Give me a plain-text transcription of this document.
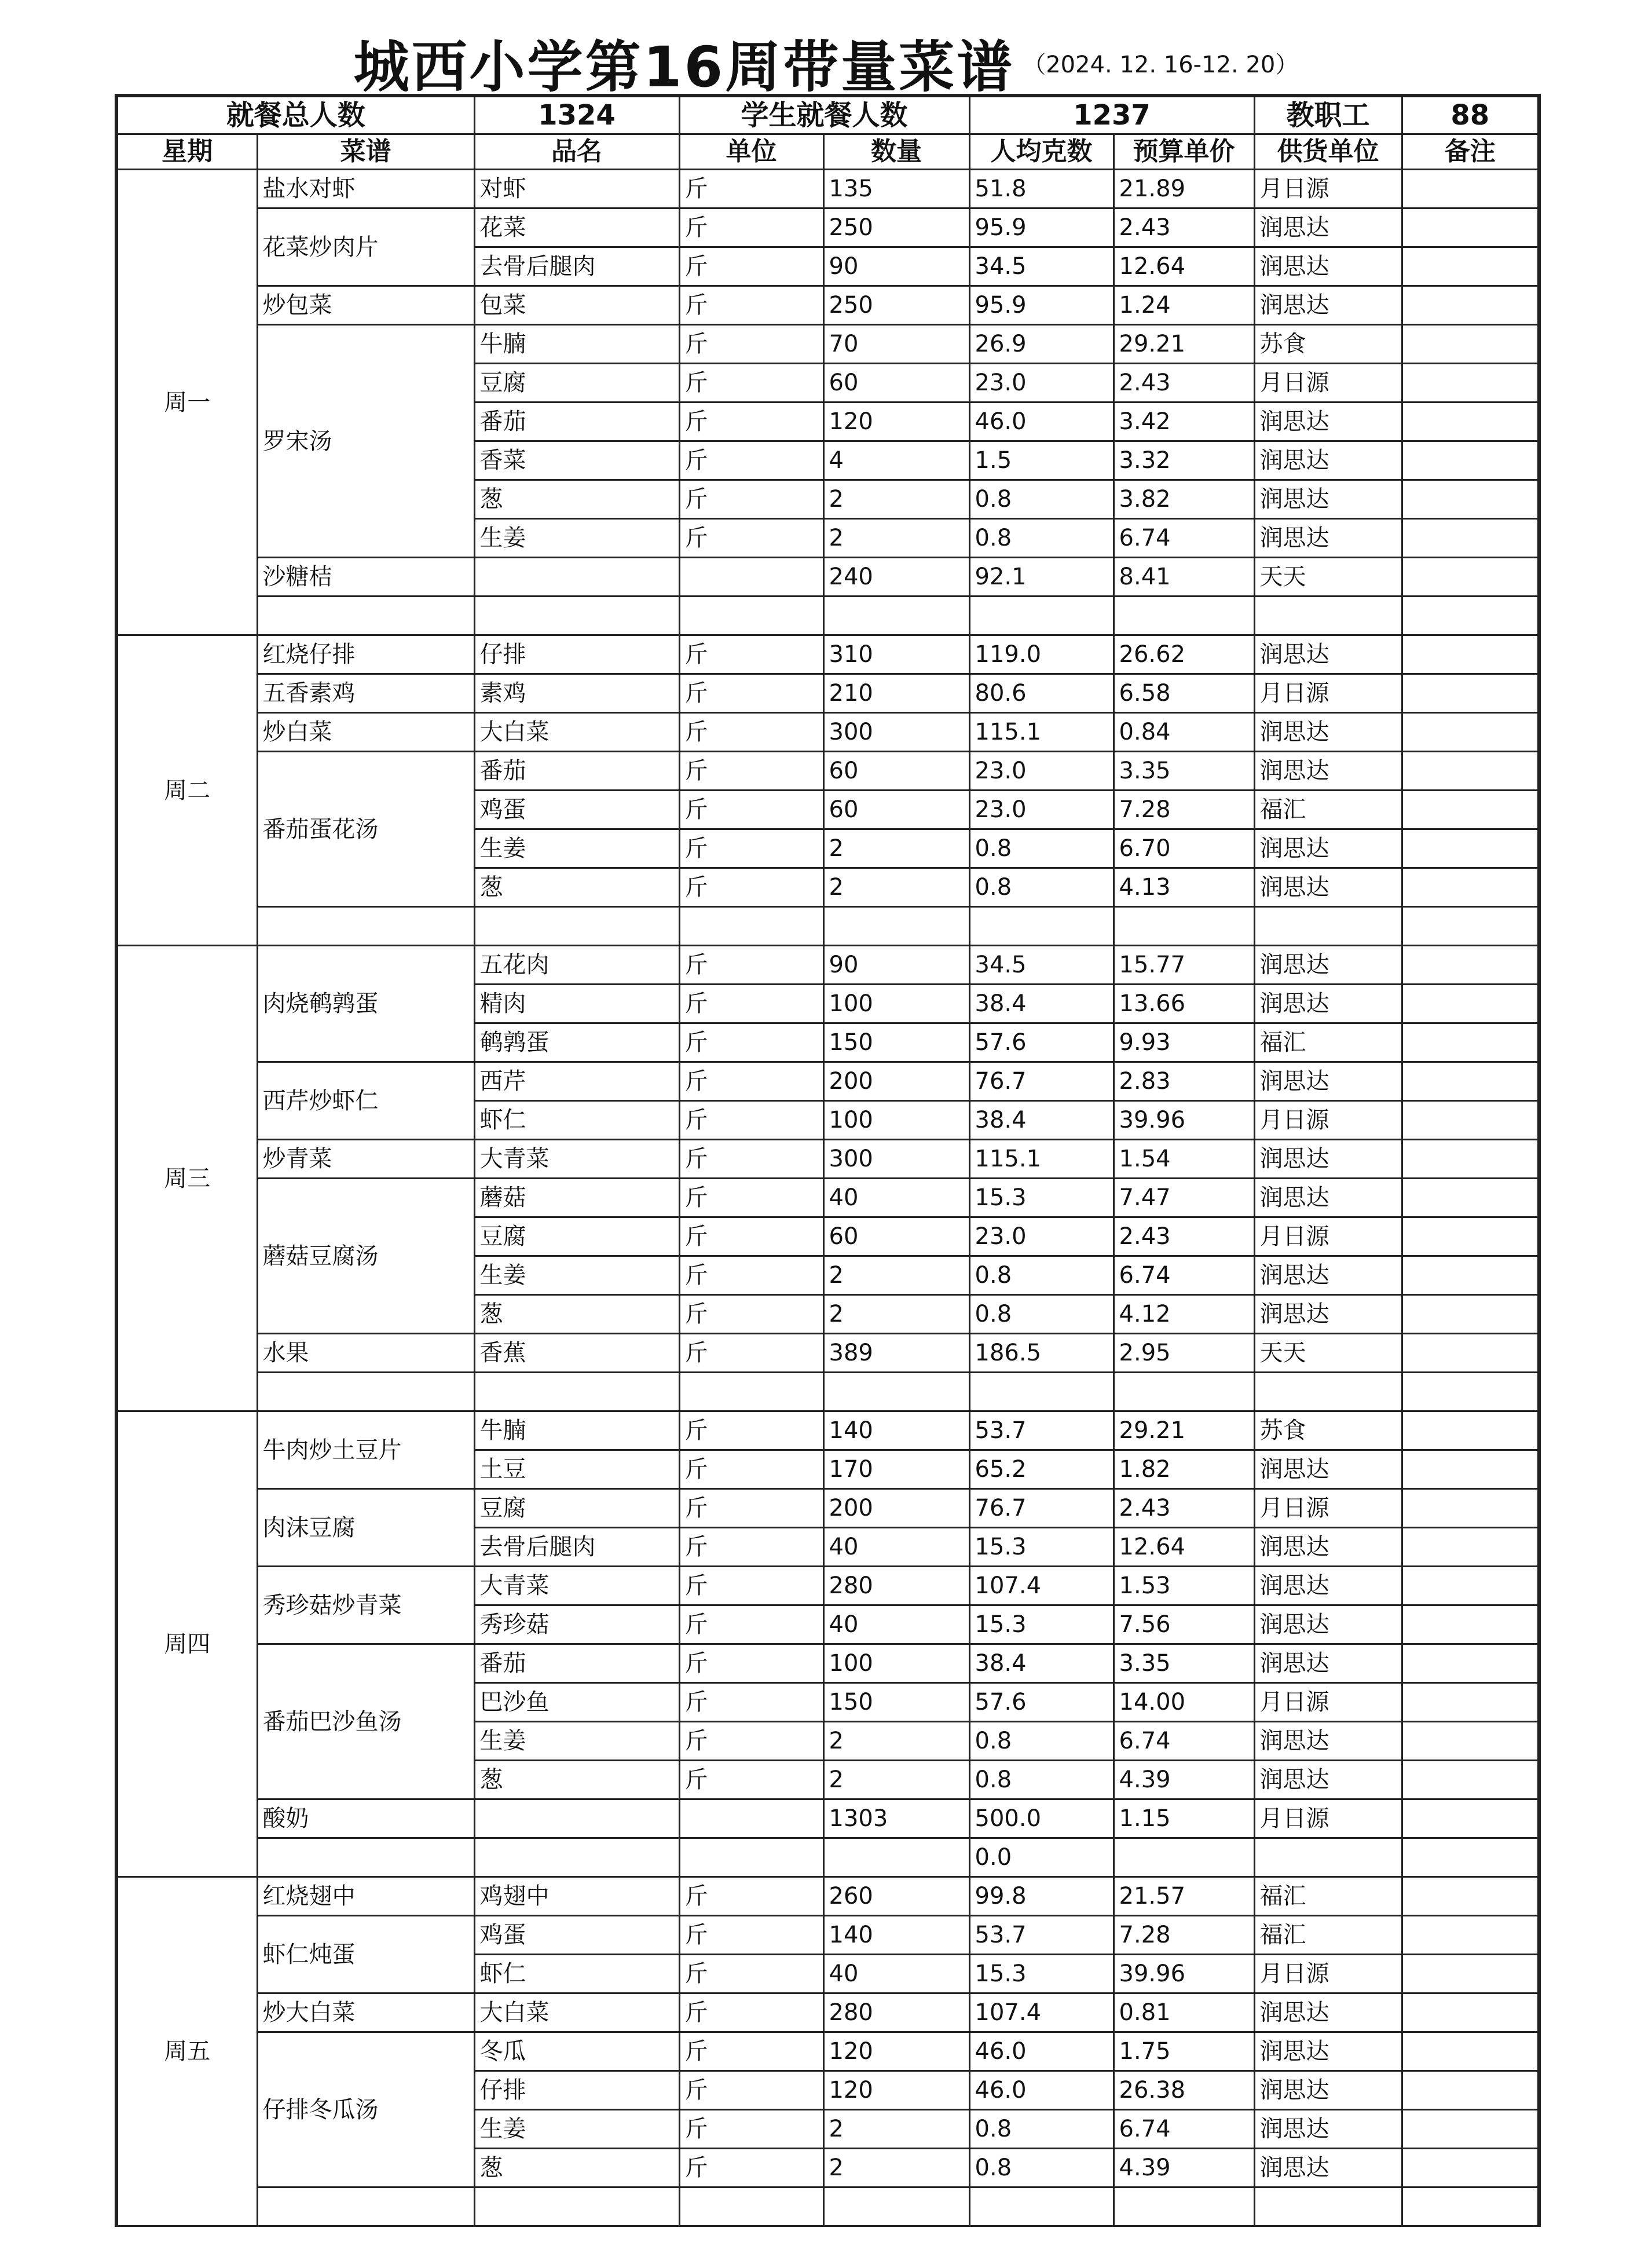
城西小学第16周带量菜谱 （2024. 12. 16-12. 20）
就餐总人数		1324	学生就餐人数		1237		教职工	88
星期	菜谱	品名	单位	数量	人均克数	预算单价	供货单位	备注
周一	盐水对虾	对虾	斤	135	51.8	21.89	月日源	
	花菜炒肉片	花菜	斤	250	95.9	2.43	润思达	
		去骨后腿肉	斤	90	34.5	12.64	润思达	
	炒包菜	包菜	斤	250	95.9	1.24	润思达	
	罗宋汤	牛腩	斤	70	26.9	29.21	苏食	
		豆腐	斤	60	23.0	2.43	月日源	
		番茄	斤	120	46.0	3.42	润思达	
		香菜	斤	4	1.5	3.32	润思达	
		葱	斤	2	0.8	3.82	润思达	
		生姜	斤	2	0.8	6.74	润思达	
	沙糖桔			240	92.1	8.41	天天	

周二	红烧仔排	仔排	斤	310	119.0	26.62	润思达	
	五香素鸡	素鸡	斤	210	80.6	6.58	月日源	
	炒白菜	大白菜	斤	300	115.1	0.84	润思达	
	番茄蛋花汤	番茄	斤	60	23.0	3.35	润思达	
		鸡蛋	斤	60	23.0	7.28	福汇	
		生姜	斤	2	0.8	6.70	润思达	
		葱	斤	2	0.8	4.13	润思达	

周三	肉烧鹌鹑蛋	五花肉	斤	90	34.5	15.77	润思达	
		精肉	斤	100	38.4	13.66	润思达	
		鹌鹑蛋	斤	150	57.6	9.93	福汇	
	西芹炒虾仁	西芹	斤	200	76.7	2.83	润思达	
		虾仁	斤	100	38.4	39.96	月日源	
	炒青菜	大青菜	斤	300	115.1	1.54	润思达	
	蘑菇豆腐汤	蘑菇	斤	40	15.3	7.47	润思达	
		豆腐	斤	60	23.0	2.43	月日源	
		生姜	斤	2	0.8	6.74	润思达	
		葱	斤	2	0.8	4.12	润思达	
	水果	香蕉	斤	389	186.5	2.95	天天	

周四	牛肉炒土豆片	牛腩	斤	140	53.7	29.21	苏食	
		土豆	斤	170	65.2	1.82	润思达	
	肉沫豆腐	豆腐	斤	200	76.7	2.43	月日源	
		去骨后腿肉	斤	40	15.3	12.64	润思达	
	秀珍菇炒青菜	大青菜	斤	280	107.4	1.53	润思达	
		秀珍菇	斤	40	15.3	7.56	润思达	
	番茄巴沙鱼汤	番茄	斤	100	38.4	3.35	润思达	
		巴沙鱼	斤	150	57.6	14.00	月日源	
		生姜	斤	2	0.8	6.74	润思达	
		葱	斤	2	0.8	4.39	润思达	
	酸奶			1303	500.0	1.15	月日源	
					0.0			
周五	红烧翅中	鸡翅中	斤	260	99.8	21.57	福汇	
	虾仁炖蛋	鸡蛋	斤	140	53.7	7.28	福汇	
		虾仁	斤	40	15.3	39.96	月日源	
	炒大白菜	大白菜	斤	280	107.4	0.81	润思达	
	仔排冬瓜汤	冬瓜	斤	120	46.0	1.75	润思达	
		仔排	斤	120	46.0	26.38	润思达	
		生姜	斤	2	0.8	6.74	润思达	
		葱	斤	2	0.8	4.39	润思达	
